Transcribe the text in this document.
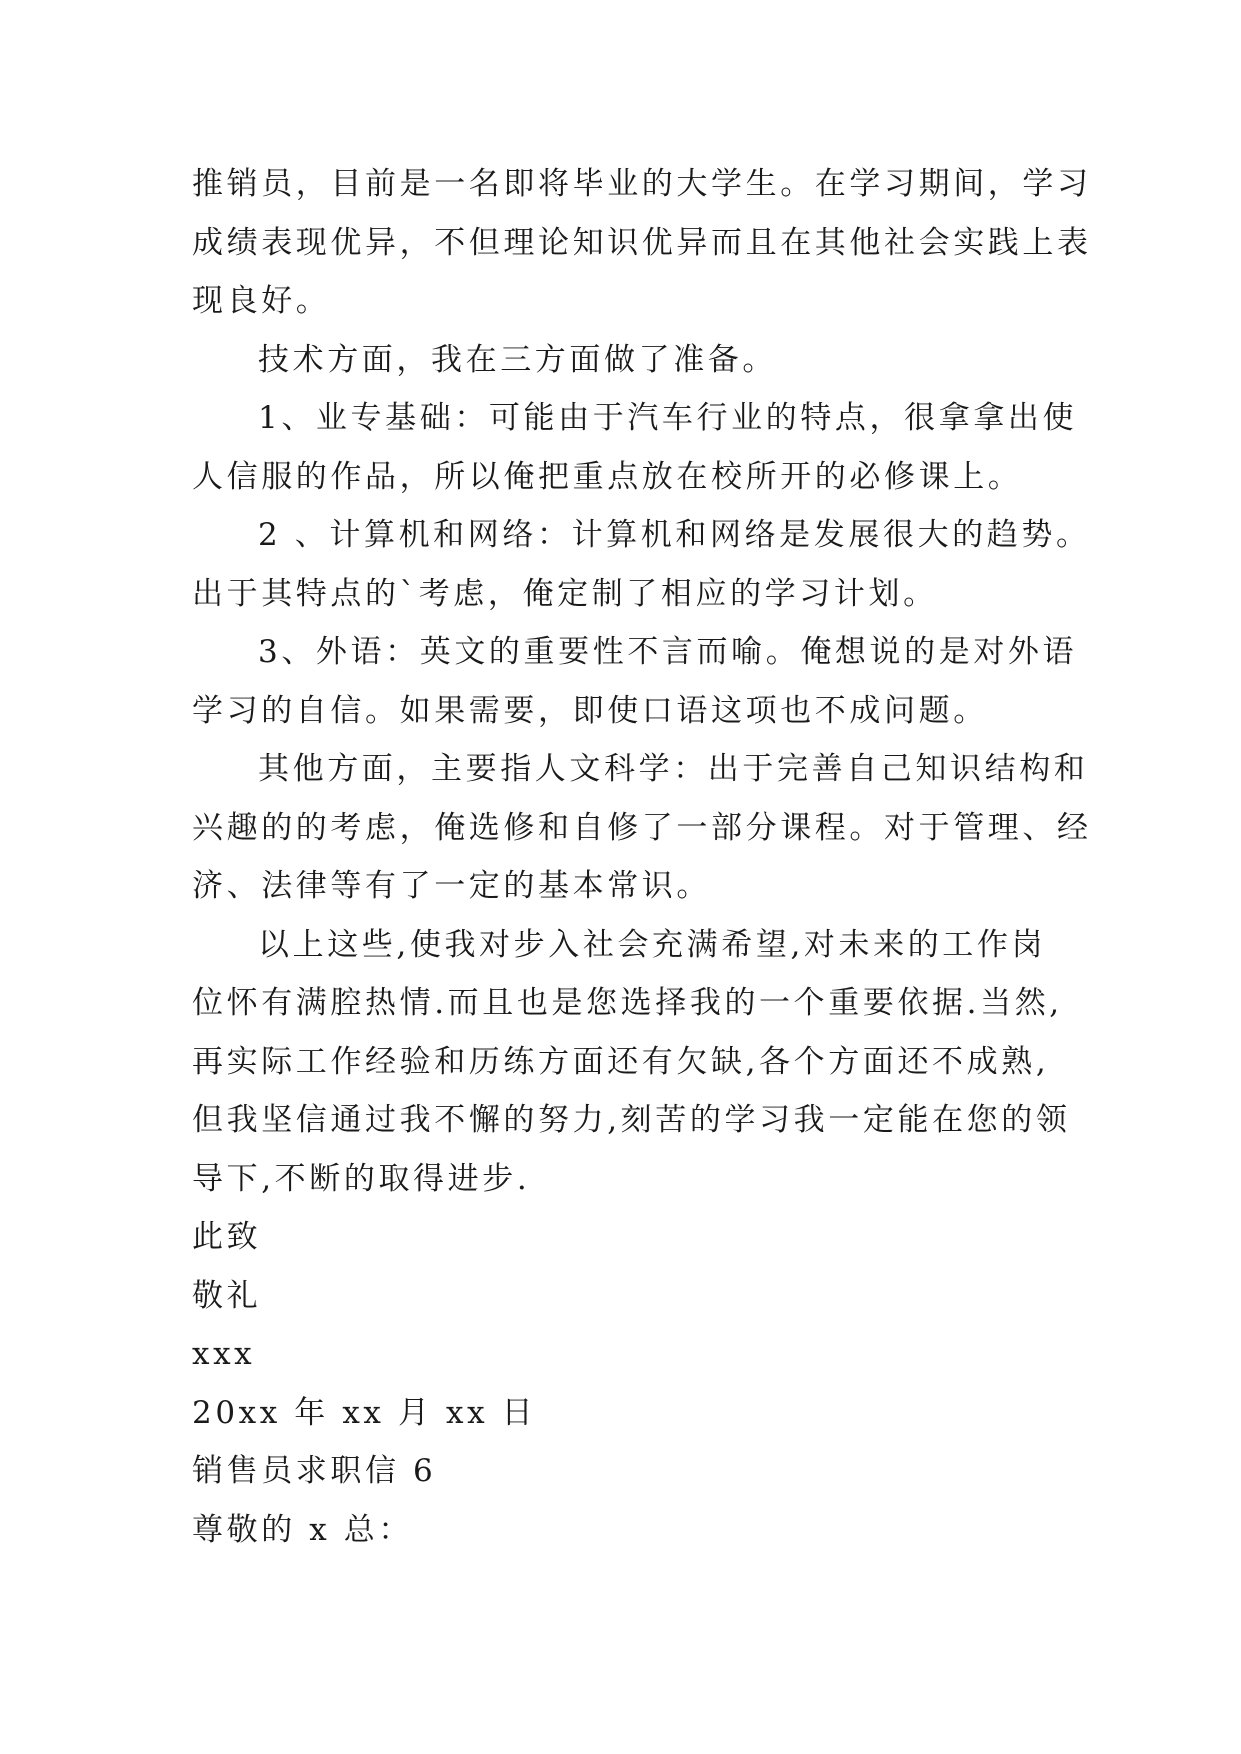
推销员，目前是一名即将毕业的大学生。在学习期间，学习
成绩表现优异，不但理论知识优异而且在其他社会实践上表
现良好。
技术方面，我在三方面做了准备。
1、业专基础：可能由于汽车行业的特点，很拿拿出使
人信服的作品，所以俺把重点放在校所开的必修课上。
2 、计算机和网络：计算机和网络是发展很大的趋势。
出于其特点的`考虑，俺定制了相应的学习计划。
3、外语：英文的重要性不言而喻。俺想说的是对外语
学习的自信。如果需要，即使口语这项也不成问题。
其他方面，主要指人文科学：出于完善自己知识结构和
兴趣的的考虑，俺选修和自修了一部分课程。对于管理、经
济、法律等有了一定的基本常识。
以上这些,使我对步入社会充满希望,对未来的工作岗
位怀有满腔热情.而且也是您选择我的一个重要依据.当然,
再实际工作经验和历练方面还有欠缺,各个方面还不成熟,
但我坚信通过我不懈的努力,刻苦的学习我一定能在您的领
导下,不断的取得进步.
此致
敬礼
xxx
20xx 年 xx 月 xx 日
销售员求职信 6
尊敬的 x 总：
